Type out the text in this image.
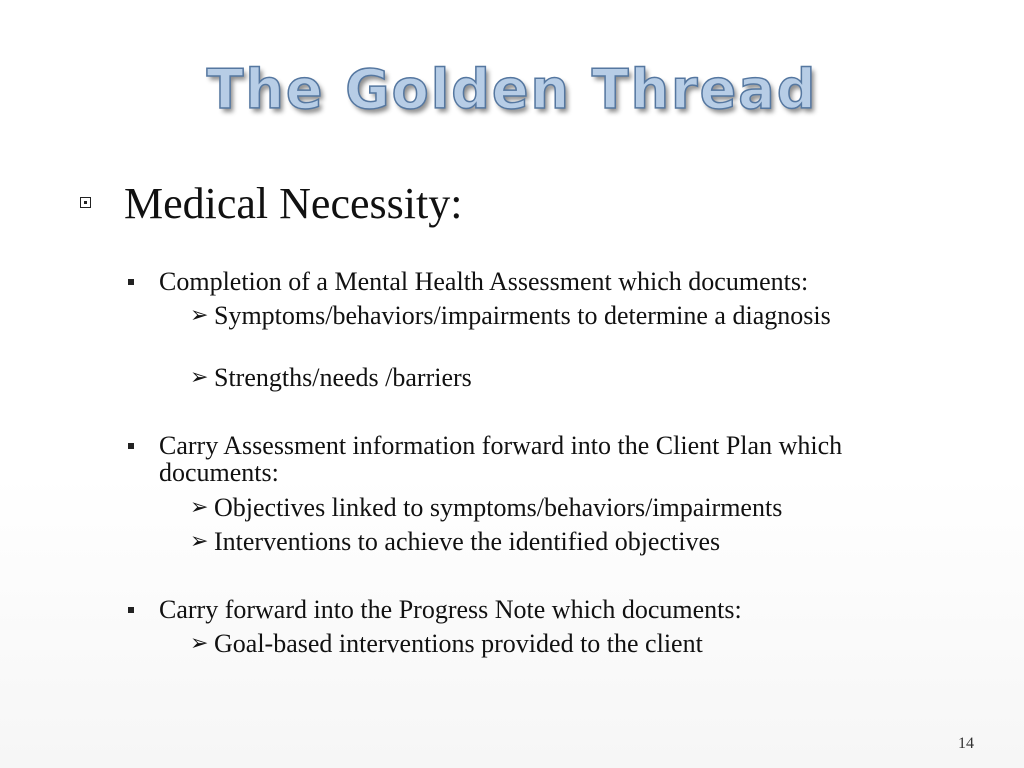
The Golden Thread
Medical Necessity:
Completion of a Mental Health Assessment which documents:
➢ Symptoms/behaviors/impairments to determine a diagnosis
➢ Strengths/needs /barriers
Carry Assessment information forward into the Client Plan which documents:
➢ Objectives linked to symptoms/behaviors/impairments
➢ Interventions to achieve the identified objectives
Carry forward into the Progress Note which documents:
➢ Goal-based interventions provided to the client
14
